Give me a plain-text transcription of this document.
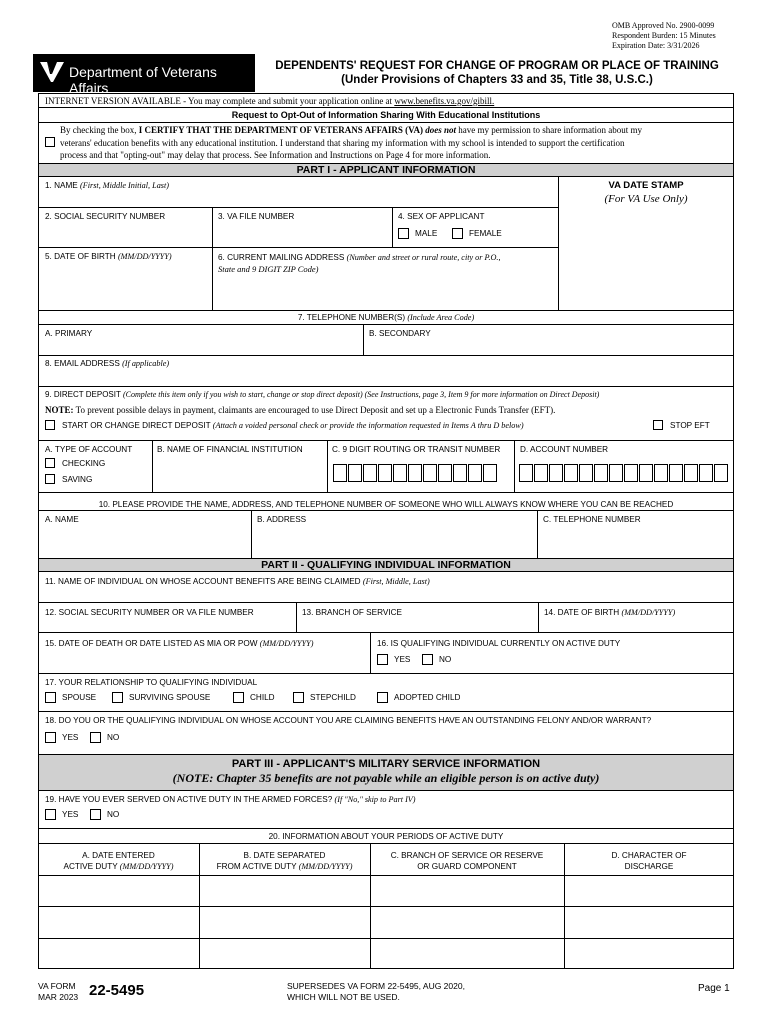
OMB Approved No. 2900-0099
Respondent Burden: 15 Minutes
Expiration Date: 3/31/2026
Department of Veterans Affairs
DEPENDENTS' REQUEST FOR CHANGE OF PROGRAM OR PLACE OF TRAINING
(Under Provisions of Chapters 33 and 35, Title 38, U.S.C.)
INTERNET VERSION AVAILABLE - You may complete and submit your application online at www.benefits.va.gov/gibill.
Request to Opt-Out of Information Sharing With Educational Institutions
By checking the box, I CERTIFY THAT THE DEPARTMENT OF VETERANS AFFAIRS (VA) does not have my permission to share information about my
veterans' education benefits with any educational institution. I understand that sharing my information with my school is intended to support the certification
process and that "opting-out" may delay that process. See Information and Instructions on Page 4 for more information.
PART I - APPLICANT INFORMATION
1. NAME (First, Middle Initial, Last)	VA DATE STAMP
(For VA Use Only)
2. SOCIAL SECURITY NUMBER	3. VA FILE NUMBER	4. SEX OF APPLICANT
MALE	FEMALE
5. DATE OF BIRTH (MM/DD/YYYY)	6. CURRENT MAILING ADDRESS (Number and street or rural route, city or P.O.,
State and 9 DIGIT ZIP Code)
7. TELEPHONE NUMBER(S) (Include Area Code)
A. PRIMARY	B. SECONDARY
8. EMAIL ADDRESS (If applicable)
9. DIRECT DEPOSIT (Complete this item only if you wish to start, change or stop direct deposit) (See Instructions, page 3, Item 9 for more information on Direct Deposit)
NOTE: To prevent possible delays in payment, claimants are encouraged to use Direct Deposit and set up a Electronic Funds Transfer (EFT).
START OR CHANGE DIRECT DEPOSIT (Attach a voided personal check or provide the information requested in Items A thru D below)	STOP EFT
A. TYPE OF ACCOUNT
CHECKING
SAVING
B. NAME OF FINANCIAL INSTITUTION	C. 9 DIGIT ROUTING OR TRANSIT NUMBER D. ACCOUNT NUMBER
10. PLEASE PROVIDE THE NAME, ADDRESS, AND TELEPHONE NUMBER OF SOMEONE WHO WILL ALWAYS KNOW WHERE YOU CAN BE REACHED
A. NAME	B. ADDRESS	C. TELEPHONE NUMBER
PART II - QUALIFYING INDIVIDUAL INFORMATION
11. NAME OF INDIVIDUAL ON WHOSE ACCOUNT BENEFITS ARE BEING CLAIMED (First, Middle, Last)
12. SOCIAL SECURITY NUMBER OR VA FILE NUMBER	13. BRANCH OF SERVICE	14. DATE OF BIRTH (MM/DD/YYYY)
15. DATE OF DEATH OR DATE LISTED AS MIA OR POW (MM/DD/YYYY)	16. IS QUALIFYING INDIVIDUAL CURRENTLY ON ACTIVE DUTY
YES	NO
17. YOUR RELATIONSHIP TO QUALIFYING INDIVIDUAL
SPOUSE	SURVIVING SPOUSE	CHILD	STEPCHILD	ADOPTED CHILD
18. DO YOU OR THE QUALIFYING INDIVIDUAL ON WHOSE ACCOUNT YOU ARE CLAIMING BENEFITS HAVE AN OUTSTANDING FELONY AND/OR WARRANT?
YES	NO
PART III - APPLICANT'S MILITARY SERVICE INFORMATION
(NOTE: Chapter 35 benefits are not payable while an eligible person is on active duty)
19. HAVE YOU EVER SERVED ON ACTIVE DUTY IN THE ARMED FORCES? (If "No," skip to Part IV)
YES	NO
20. INFORMATION ABOUT YOUR PERIODS OF ACTIVE DUTY
A. DATE ENTERED
ACTIVE DUTY (MM/DD/YYYY)
B. DATE SEPARATED
FROM ACTIVE DUTY (MM/DD/YYYY)
C. BRANCH OF SERVICE OR RESERVE
OR GUARD COMPONENT
D. CHARACTER OF
DISCHARGE
VA FORM
MAR 2023 22-5495	SUPERSEDES VA FORM 22-5495, AUG 2020,
WHICH WILL NOT BE USED.
Page 1
